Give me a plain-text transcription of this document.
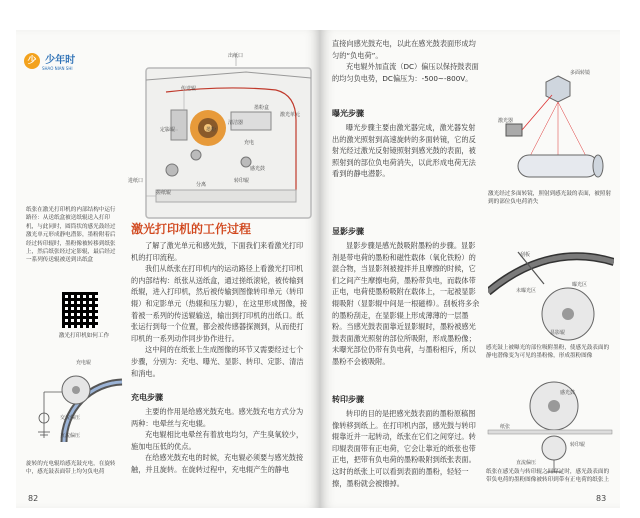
少 少年时
SHAO NIAN SHI
出纸口
传送辊
定影辊
墨粉盒
清洁器
墨粉
激光单元
充电
感光鼓
转印辊
分离
搓纸辊
进纸口
纸张在激光打印机的内部结构中运行路径：从送纸盒被送纸辊送入打印机，与此同时，圆筒状的感光鼓经过激光单元形成静电潜影，墨粉附着后经过转印辊时，墨粉像被转移到纸张上，然后纸张经过定影辊，最后经过一系列传送辊被送到出纸盒
激光打印机如何工作
激光打印机的工作过程
了解了激光单元和感光鼓，下面我们来看激光打印机的打印流程。
我们从纸张在打印机内的运动路径上看激光打印机的内部结构：纸张从送纸盒，通过搓纸滚轮，被传输到纸辊，进入打印机，然后被传输到图像转印单元（转印辊）和定影单元（热辊和压力辊），在这里形成图像，接着被一系列的传送辊输送，输出到打印机的出纸口。纸张运行到每一个位置，都会被传感器探测到，从而使打印机的一系列动作同步协作进行。
这中间的在纸张上生成图像的环节又需要经过七个步骤，分别为：充电、曝光、显影、转印、定影、清洁和消电。
充电步骤
主要的作用是给感光鼓充电。感光鼓充电方式分为两种：电晕丝与充电辊。
充电辊相比电晕丝有着放电均匀，产生臭氧较少，施加电压低的优点。
在给感光鼓充电的时候，充电辊必须要与感光鼓接触，并且旋转。在旋转过程中，充电辊产生的静电
充电辊
交流偏压
直流偏压
旋转的充电辊给感光鼓充电，在旋转中，感光鼓表面带上均匀负电荷
82
直接向感光鼓充电，以此在感光鼓表面形成均匀的“负电荷”。
充电辊外加直流（DC）偏压以保持鼓表面的均匀负电势，DC偏压为：-500~-800V。
曝光步骤
曝光步骤主要由激光器完成，激光器发射出的激光照射到高速旋转的多面转镜，它的反射光经过激光反射镜照射到感光鼓的表面，被照射到的部位负电荷消失，以此形成电荷无法看到的静电潜影。
多面转镜
激光器
激光经过多面转镜，照射到感光鼓的表面，被照射到的部位负电荷消失
显影步骤
显影步骤是感光鼓吸附墨粉的步骤。显影剂是带电荷的墨粉和磁性载体（氧化铁粉）的混合物，当显影剂被搅拌并且摩擦的时候，它们之间产生摩擦电荷，墨粉带负电，而载体带正电，电荷使墨粉吸附在载体上，一起被显影辊吸附（显影辊中间是一根磁棒）。刮板将多余的墨粉刮走，在显影辊上形成薄薄的一层墨粉。当感光鼓表面靠近显影辊时，墨粉被感光鼓表面激光照射的部位所吸附，形成墨粉像；未曝光部位仍带有负电荷，与墨粉相斥，所以墨粉不会被吸附。
刮板
未曝光区
曝光区
显影辊
感光鼓上被曝光的部位吸附墨粉，使感光鼓表面的静电潜像变为可见的墨粉像，形成墨粉图像
转印步骤
转印的目的是把感光鼓表面的墨粉原稿图像转移到纸上。在打印机内部，感光鼓与转印辊靠近并一起转动，纸张在它们之间穿过。转印辊表面带有正电荷，它会让靠近的纸张也带正电，把带有负电荷的墨粉吸附到纸张表面。这时的纸张上可以看到表面的墨粉，轻轻一擦，墨粉就会被擦掉。
感光鼓
纸张
转印辊
直流偏压
纸张在感光鼓与转印辊之间穿过时，感光鼓表面的带负电荷的墨粉图像被转印到带有正电荷的纸张上
83
